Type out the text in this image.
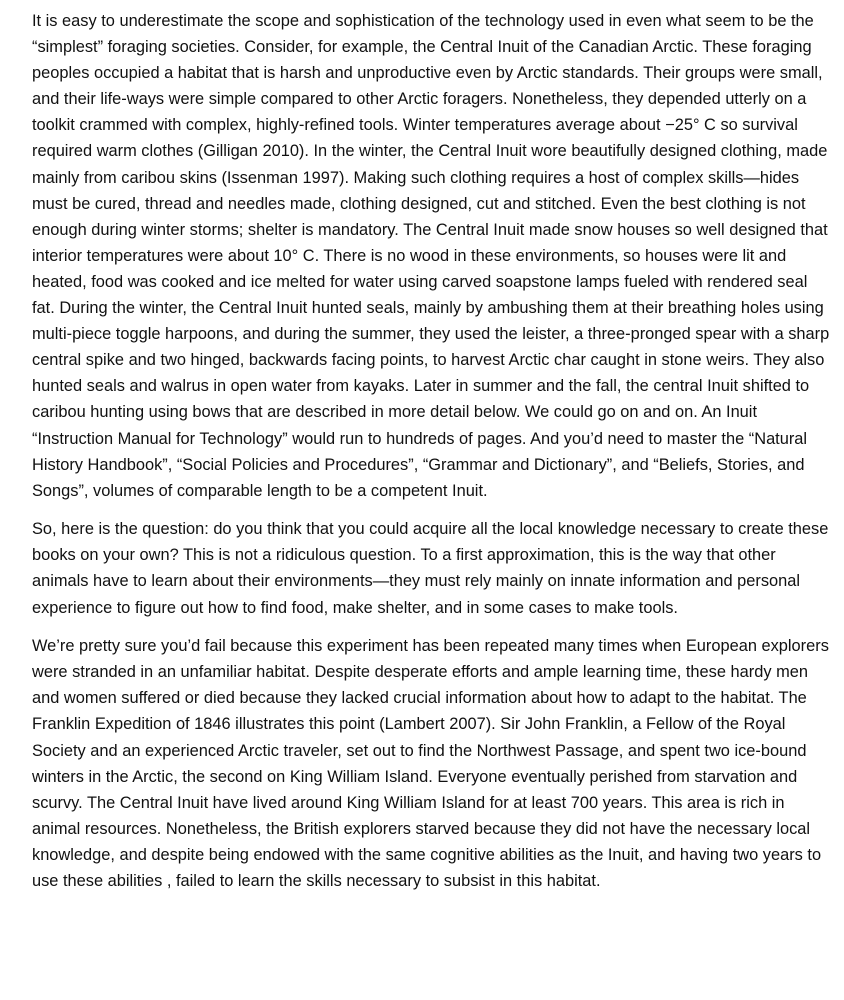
It is easy to underestimate the scope and sophistication of the technology used in even what seem to be the “simplest” foraging societies. Consider, for example, the Central Inuit of the Canadian Arctic. These foraging peoples occupied a habitat that is harsh and unproductive even by Arctic standards. Their groups were small, and their life-ways were simple compared to other Arctic foragers. Nonetheless, they depended utterly on a toolkit crammed with complex, highly-refined tools. Winter temperatures average about −25° C so survival required warm clothes (Gilligan 2010). In the winter, the Central Inuit wore beautifully designed clothing, made mainly from caribou skins (Issenman 1997). Making such clothing requires a host of complex skills—hides must be cured, thread and needles made, clothing designed, cut and stitched. Even the best clothing is not enough during winter storms; shelter is mandatory. The Central Inuit made snow houses so well designed that interior temperatures were about 10° C. There is no wood in these environments, so houses were lit and heated, food was cooked and ice melted for water using carved soapstone lamps fueled with rendered seal fat. During the winter, the Central Inuit hunted seals, mainly by ambushing them at their breathing holes using multi-piece toggle harpoons, and during the summer, they used the leister, a three-pronged spear with a sharp central spike and two hinged, backwards facing points, to harvest Arctic char caught in stone weirs. They also hunted seals and walrus in open water from kayaks. Later in summer and the fall, the central Inuit shifted to caribou hunting using bows that are described in more detail below. We could go on and on. An Inuit “Instruction Manual for Technology” would run to hundreds of pages. And you’d need to master the “Natural History Handbook”, “Social Policies and Procedures”, “Grammar and Dictionary”, and “Beliefs, Stories, and Songs”, volumes of comparable length to be a competent Inuit.

So, here is the question: do you think that you could acquire all the local knowledge necessary to create these books on your own? This is not a ridiculous question. To a first approximation, this is the way that other animals have to learn about their environments—they must rely mainly on innate information and personal experience to figure out how to find food, make shelter, and in some cases to make tools.

We’re pretty sure you’d fail because this experiment has been repeated many times when European explorers were stranded in an unfamiliar habitat. Despite desperate efforts and ample learning time, these hardy men and women suffered or died because they lacked crucial information about how to adapt to the habitat. The Franklin Expedition of 1846 illustrates this point (Lambert 2007). Sir John Franklin, a Fellow of the Royal Society and an experienced Arctic traveler, set out to find the Northwest Passage, and spent two ice-bound winters in the Arctic, the second on King William Island. Everyone eventually perished from starvation and scurvy. The Central Inuit have lived around King William Island for at least 700 years. This area is rich in animal resources. Nonetheless, the British explorers starved because they did not have the necessary local knowledge, and despite being endowed with the same cognitive abilities as the Inuit, and having two years to use these abilities , failed to learn the skills necessary to subsist in this habitat.
